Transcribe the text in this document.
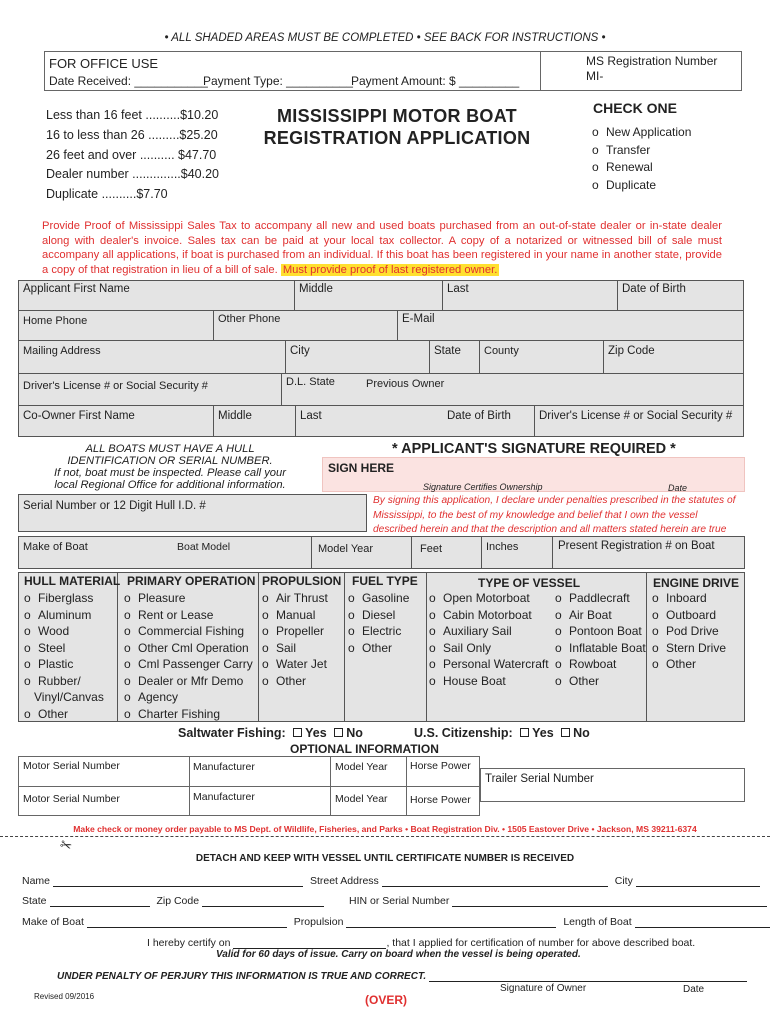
• ALL SHADED AREAS MUST BE COMPLETED • SEE BACK FOR INSTRUCTIONS •
FOR OFFICE USE
Date Received: ___________
Payment Type: __________
Payment Amount: $ _________
MS Registration Number
MI-
Less than 16 feet ..........$10.20
16 to less than 26 .........$25.20
26 feet and over .......... $47.70
Dealer number ..............$40.20
Duplicate ..........$7.70
MISSISSIPPI MOTOR BOAT
REGISTRATION APPLICATION
CHECK ONE
o New Application
o Transfer
o Renewal
o Duplicate
Provide Proof of Mississippi Sales Tax to accompany all new and used boats purchased from an out-of-state dealer or in-state dealer along with dealer's invoice. Sales tax can be paid at your local tax collector. A copy of a notarized or witnessed bill of sale must accompany all applications, if boat is purchased from an individual. If this boat has been registered in your name in another state, provide a copy of that registration in lieu of a bill of sale. Must provide proof of last registered owner.
Applicant First Name	Middle	Last	Date of Birth
Home Phone	Other Phone	E-Mail
Mailing Address	City	State County	Zip Code
Driver's License # or Social Security #	D.L. State	Previous Owner
Co-Owner First Name	Middle	Last	Date of Birth Driver's License # or Social Security #
ALL BOATS MUST HAVE A HULL
IDENTIFICATION OR SERIAL NUMBER.
If not, boat must be inspected. Please call your
local Regional Office for additional information.
* APPLICANT'S SIGNATURE REQUIRED *
SIGN HERE
Signature Certifies Ownership	Date
By signing this application, I declare under penalties prescribed in the statutes of Mississippi, to the best of my knowledge and belief that I own the vessel described herein and that the description and all matters stated herein are true
Serial Number or 12 Digit Hull I.D. #
Make of Boat	Boat Model	Model Year	Feet	Inches	Present Registration # on Boat
HULL MATERIAL
o Fiberglass
o Aluminum
o Wood
o Steel
o Plastic
o Rubber/
Vinyl/Canvas
o Other
PRIMARY OPERATION
o Pleasure
o Rent or Lease
o Commercial Fishing
o Other Cml Operation
o Cml Passenger Carry
o Dealer or Mfr Demo
o Agency
o Charter Fishing
PROPULSION
o Air Thrust
o Manual
o Propeller
o Sail
o Water Jet
o Other
FUEL TYPE
o Gasoline
o Diesel
o Electric
o Other
TYPE OF VESSEL
o Open Motorboat
o Cabin Motorboat
o Auxiliary Sail
o Sail Only
o Personal Watercraft
o House Boat
o Paddlecraft
o Air Boat
o Pontoon Boat
o Inflatable Boat
o Rowboat
o Other
ENGINE DRIVE
o Inboard
o Outboard
o Pod Drive
o Stern Drive
o Other
Saltwater Fishing: Yes No	U.S. Citizenship: Yes No
OPTIONAL INFORMATION
Motor Serial Number	Manufacturer	Model Year Horse Power
Motor Serial Number	Manufacturer	Model Year Horse Power
Trailer Serial Number
Make check or money order payable to MS Dept. of Wildlife, Fisheries, and Parks • Boat Registration Div. • 1505 Eastover Drive • Jackson, MS 39211-6374
✂
DETACH AND KEEP WITH VESSEL UNTIL CERTIFICATE NUMBER IS RECEIVED
Name	Street Address	City
State	Zip Code	HIN or Serial Number
Make of Boat	Propulsion	Length of Boat
I hereby certify on	, that I applied for certification of number for above described boat.
Valid for 60 days of issue. Carry on board when the vessel is being operated.
UNDER PENALTY OF PERJURY THIS INFORMATION IS TRUE AND CORRECT.
Signature of Owner	Date
Revised 09/2016	(OVER)
